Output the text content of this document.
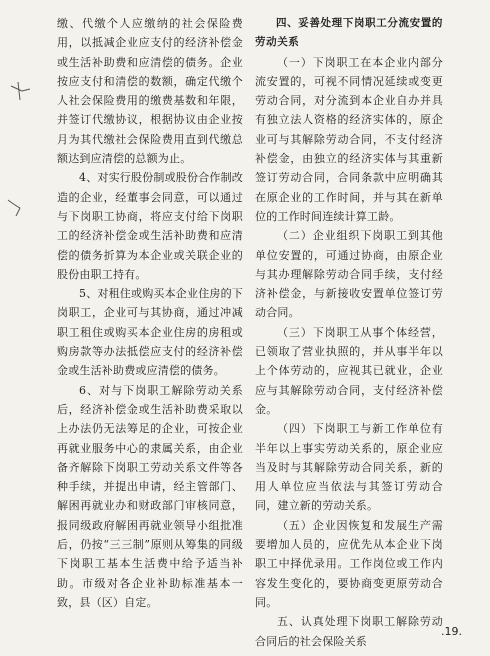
缴、代缴个人应缴纳的社会保险费用，以抵减企业应支付的经济补偿金或生活补助费和应清偿的债务。企业按应支付和清偿的数额，确定代缴个人社会保险费用的缴费基数和年限，并签订代缴协议，根据协议由企业按月为其代缴社会保险费用直到代缴总额达到应清偿的总额为止。

4、对实行股份制或股份合作制改造的企业，经董事会同意，可以通过与下岗职工协商，将应支付给下岗职工的经济补偿金或生活补助费和应清偿的债务折算为本企业或关联企业的股份由职工持有。

5、对租住或购买本企业住房的下岗职工，企业可与其协商，通过冲减职工租住或购买本企业住房的房租或购房款等办法抵偿应支付的经济补偿金或生活补助费或应清偿的债务。

6、对与下岗职工解除劳动关系后，经济补偿金或生活补助费采取以上办法仍无法筹足的企业，可按企业再就业服务中心的隶属关系，由企业备齐解除下岗职工劳动关系文件等各种手续，并提出申请，经主管部门、解困再就业办和财政部门审核同意，报同级政府解困再就业领导小组批准后，仍按“三三制”原则从筹集的同级下岗职工基本生活费中给予适当补助。市级对各企业补助标准基本一致，县（区）自定。

四、妥善处理下岗职工分流安置的劳动关系

（一）下岗职工在本企业内部分流安置的，可视不同情况延续或变更劳动合同，对分流到本企业自办并具有独立法人资格的经济实体的，原企业可与其解除劳动合同，不支付经济补偿金，由独立的经济实体与其重新签订劳动合同，合同条款中应明确其在原企业的工作时间，并与其在新单位的工作时间连续计算工龄。

（二）企业组织下岗职工到其他单位安置的，可通过协商，由原企业与其办理解除劳动合同手续，支付经济补偿金，与新接收安置单位签订劳动合同。

（三）下岗职工从事个体经营，已领取了营业执照的，并从事半年以上个体劳动的，应视其已就业，企业应与其解除劳动合同，支付经济补偿金。

（四）下岗职工与新工作单位有半年以上事实劳动关系的，原企业应当及时与其解除劳动合同关系，新的用人单位应当依法与其签订劳动合同，建立新的劳动关系。

（五）企业因恢复和发展生产需要增加人员的，应优先从本企业下岗职工中择优录用。工作岗位或工作内容发生变化的，要协商变更原劳动合同。

五、认真处理下岗职工解除劳动合同后的社会保险关系

.19.
